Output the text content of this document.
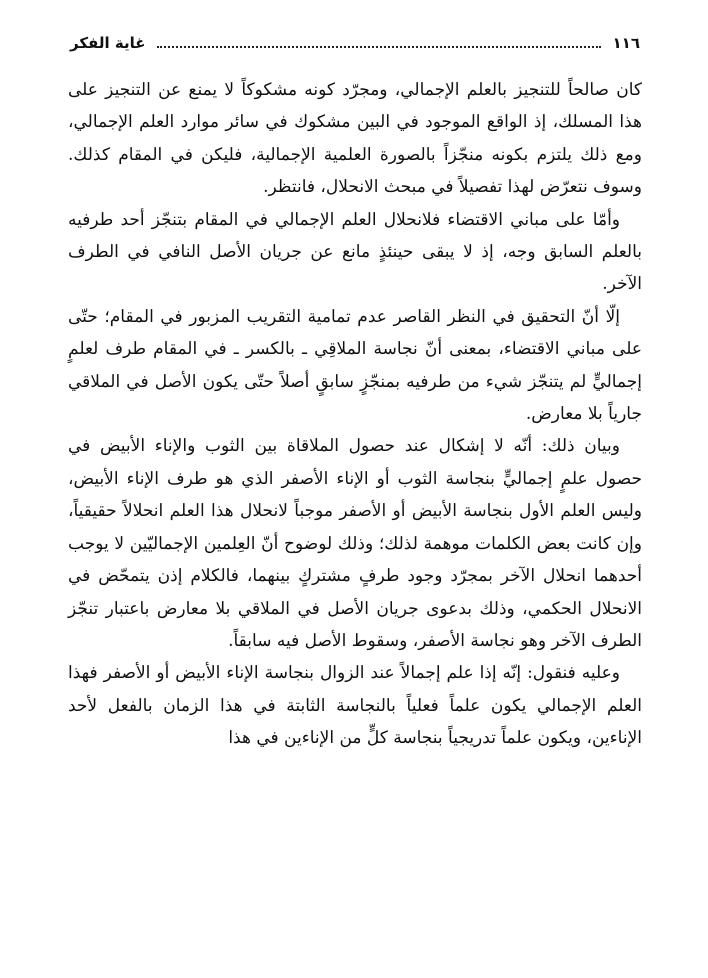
١١٦
غاية الفكر

كان صالحاً للتنجيز بالعلم الإجمالي، ومجرّد كونه مشكوكاً لا يمنع عن التنجيز على هذا المسلك، إذ الواقع الموجود في البين مشكوك في سائر موارد العلم الإجمالي، ومع ذلك يلتزم بكونه منجّزاً بالصورة العلمية الإجمالية، فليكن في المقام كذلك. وسوف نتعرّض لهذا تفصيلاً في مبحث الانحلال، فانتظر.

وأمّا على مباني الاقتضاء فلانحلال العلم الإجمالي في المقام بتنجّز أحد طرفيه بالعلم السابق وجه، إذ لا يبقى حينئذٍ مانع عن جريان الأصل النافي في الطرف الآخر.

إلّا أنّ التحقيق في النظر القاصر عدم تمامية التقريب المزبور في المقام؛ حتّى على مباني الاقتضاء، بمعنى أنّ نجاسة الملاقِي ـ بالكسر ـ في المقام طرف لعلمٍ إجماليٍّ لم يتنجّز شيء من طرفيه بمنجّزٍ سابقٍ أصلاً حتّى يكون الأصل في الملاقي جارياً بلا معارض.

وبيان ذلك: أنّه لا إشكال عند حصول الملاقاة بين الثوب والإناء الأبيض في حصول علمٍ إجماليٍّ بنجاسة الثوب أو الإناء الأصفر الذي هو طرف الإناء الأبيض، وليس العلم الأول بنجاسة الأبيض أو الأصفر موجباً لانحلال هذا العلم انحلالاً حقيقياً، وإن كانت بعض الكلمات موهمة لذلك؛ وذلك لوضوح أنّ العِلمين الإجماليّين لا يوجب أحدهما انحلال الآخر بمجرّد وجود طرفٍ مشتركٍ بينهما، فالكلام إذن يتمحّض في الانحلال الحكمي، وذلك بدعوى جريان الأصل في الملاقي بلا معارض باعتبار تنجّز الطرف الآخر وهو نجاسة الأصفر، وسقوط الأصل فيه سابقاً.

وعليه فنقول: إنّه إذا علم إجمالاً عند الزوال بنجاسة الإناء الأبيض أو الأصفر فهذا العلم الإجمالي يكون علماً فعلياً بالنجاسة الثابتة في هذا الزمان بالفعل لأحد الإناءين، ويكون علماً تدريجياً بنجاسة كلٍّ من الإناءين في هذا
